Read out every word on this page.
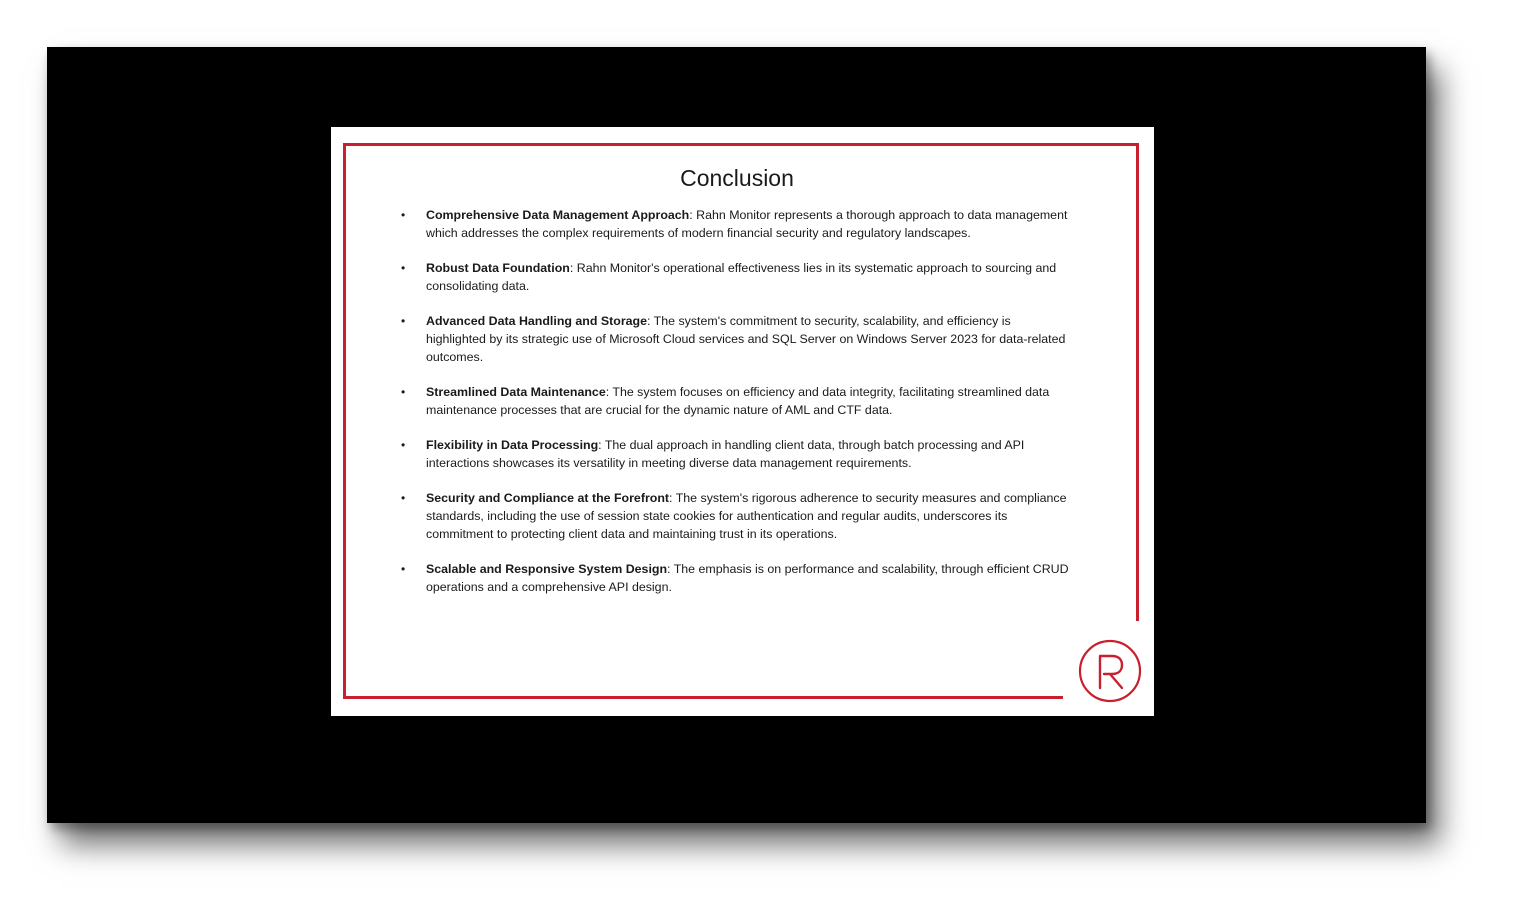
Conclusion
• Comprehensive Data Management Approach: Rahn Monitor represents a thorough approach to data management which addresses the complex requirements of modern financial security and regulatory landscapes.
• Robust Data Foundation: Rahn Monitor's operational effectiveness lies in its systematic approach to sourcing and consolidating data.
• Advanced Data Handling and Storage: The system's commitment to security, scalability, and efficiency is highlighted by its strategic use of Microsoft Cloud services and SQL Server on Windows Server 2023 for data-related outcomes.
• Streamlined Data Maintenance: The system focuses on efficiency and data integrity, facilitating streamlined data maintenance processes that are crucial for the dynamic nature of AML and CTF data.
• Flexibility in Data Processing: The dual approach in handling client data, through batch processing and API interactions showcases its versatility in meeting diverse data management requirements.
• Security and Compliance at the Forefront: The system's rigorous adherence to security measures and compliance standards, including the use of session state cookies for authentication and regular audits, underscores its commitment to protecting client data and maintaining trust in its operations.
• Scalable and Responsive System Design: The emphasis is on performance and scalability, through efficient CRUD operations and a comprehensive API design.
